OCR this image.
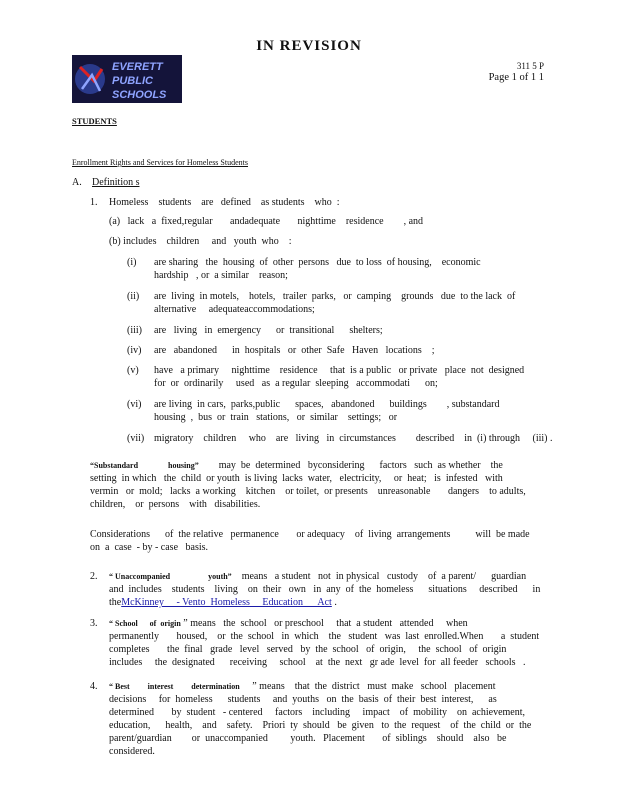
IN REVISION
EVERETT
PUBLIC
SCHOOLS
311 5 P
Page 1 of 1 1
STUDENTS
Enrollment Rights and Services for Homeless Students
A. Definition s
1. Homeless    students    are   defined    as students    who  :
(a)   lack   a  fixed,regular       andadequate       nighttime    residence        , and
(b) includes    children     and   youth  who    :
(i) are sharing   the  housing  of  other  persons   due  to loss  of housing,    economic
hardship   , or  a similar    reason;
(ii) are  living  in motels,    hotels,   trailer  parks,   or  camping    grounds   due  to the lack  of
alternative     adequateaccommodations;
(iii) are   living   in  emergency      or  transitional      shelters;
(iv) are   abandoned      in  hospitals   or  other  Safe   Haven   locations    ;
(v) have   a primary     nighttime    residence     that  is a public   or private   place  not  designed
for  or  ordinarily     used   as  a regular  sleeping   accommodati      on;
(vi) are living  in cars,  parks,public      spaces,   abandoned      buildings        , substandard
housing  ,  bus  or  train   stations,   or  similar    settings;   or
(vii) migratory    children     who    are   living   in  circumstances        described    in  (i) through     (iii) .
“Substandard               housing”        may  be  determined   byconsidering      factors   such  as whether    the
setting  in which   the  child  or youth  is living  lacks  water,   electricity,     or  heat;   is  infested   with
vermin   or  mold;   lacks  a working    kitchen    or toilet,  or presents    unreasonable       dangers    to adults,
children,    or  persons    with   disabilities.
Considerations      of  the relative   permanence       or adequacy    of  living  arrangements          will  be made
on  a  case  - by - case   basis.
2. “ Unaccompanied                   youth”    means   a student   not  in physical   custody    of  a parent/      guardian
and  includes    students    living    on  their   own   in  any  of  the  homeless      situations     described      in
theMcKinney     - Vento  Homeless     Education      Act .
3. “ School      of  origin ” means   the  school   or preschool     that  a student   attended     when
permanently       housed,    or  the  school   in  which    the   student   was  last  enrolled.When       a  student
completes       the  final   grade   level   served   by  the  school   of  origin,     the  school   of  origin
includes     the  designated      receiving     school    at  the  next   gr ade  level  for  all feeder   schools   .
4. “ Best         interest         determination     ” means    that  the  district   must  make   school   placement
decisions     for  homeless      students     and  youths   on  the  basis  of  their  best  interest,      as
determined       by  student   - centered     factors    including     impact    of  mobility    on  achievement,
education,      health,    and    safety.    Priori  ty  should   be  given   to  the  request    of  the  child  or  the
parent/guardian        or  unaccompanied         youth.   Placement       of  siblings    should    also   be
considered.
